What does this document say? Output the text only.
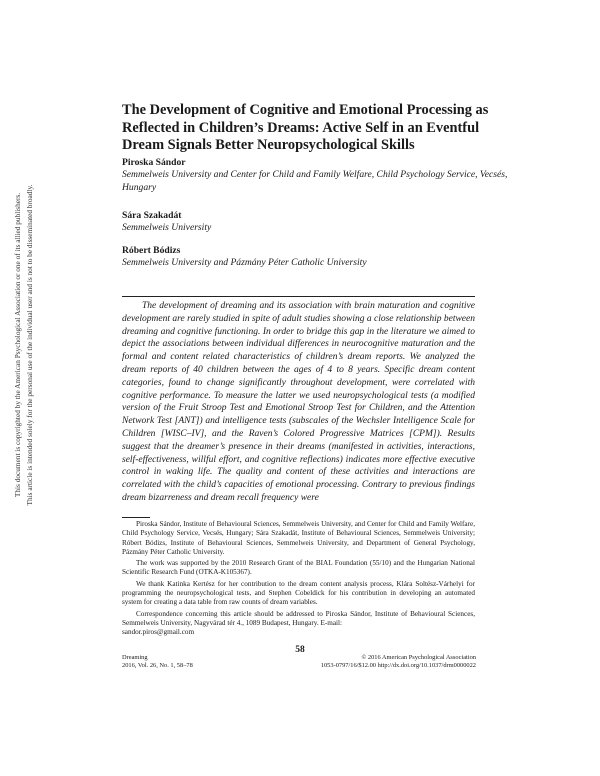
This document is copyrighted by the American Psychological Association or one of its allied publishers. This article is intended solely for the personal use of the individual user and is not to be disseminated broadly.
The Development of Cognitive and Emotional Processing as Reflected in Children’s Dreams: Active Self in an Eventful Dream Signals Better Neuropsychological Skills
Piroska Sándor
Semmelweis University and Center for Child and Family Welfare, Child Psychology Service, Vecsés, Hungary
Sára Szakadát
Semmelweis University
Róbert Bódizs
Semmelweis University and Pázmány Péter Catholic University

The development of dreaming and its association with brain maturation and cognitive development are rarely studied in spite of adult studies showing a close relationship between dreaming and cognitive functioning. In order to bridge this gap in the literature we aimed to depict the associations between individual differences in neurocognitive maturation and the formal and content related characteristics of children’s dream reports. We analyzed the dream reports of 40 children between the ages of 4 to 8 years. Specific dream content categories, found to change significantly throughout development, were correlated with cognitive performance. To measure the latter we used neuropsychological tests (a modified version of the Fruit Stroop Test and Emotional Stroop Test for Children, and the Attention Network Test [ANT]) and intelligence tests (subscales of the Wechsler Intelligence Scale for Children [WISC–IV], and the Raven’s Colored Progressive Matrices [CPM]). Results suggest that the dreamer’s presence in their dreams (manifested in activities, interactions, self-effectiveness, willful effort, and cognitive reflections) indicates more effective executive control in waking life. The quality and content of these activities and interactions are correlated with the child’s capacities of emotional processing. Contrary to previous findings dream bizarreness and dream recall frequency were

Piroska Sándor, Institute of Behavioural Sciences, Semmelweis University, and Center for Child and Family Welfare, Child Psychology Service, Vecsés, Hungary; Sára Szakadát, Institute of Behavioural Sciences, Semmelweis University; Róbert Bódizs, Institute of Behavioural Sciences, Semmelweis University, and Department of General Psychology, Pázmány Péter Catholic University.

The work was supported by the 2010 Research Grant of the BIAL Foundation (55/10) and the Hungarian National Scientific Research Fund (OTKA-K105367).

We thank Katinka Kertész for her contribution to the dream content analysis process, Klára Soltész-Várhelyi for programming the neuropsychological tests, and Stephen Cobeldick for his contribution in developing an automated system for creating a data table from raw counts of dream variables.

Correspondence concerning this article should be addressed to Piroska Sándor, Institute of Behavioural Sciences, Semmelweis University, Nagyvárad tér 4., 1089 Budapest, Hungary. E-mail:

sandor.piros@gmail.com

58
Dreaming
2016, Vol. 26, No. 1, 58–78
© 2016 American Psychological Association
1053-0797/16/$12.00 http://dx.doi.org/10.1037/drm0000022
